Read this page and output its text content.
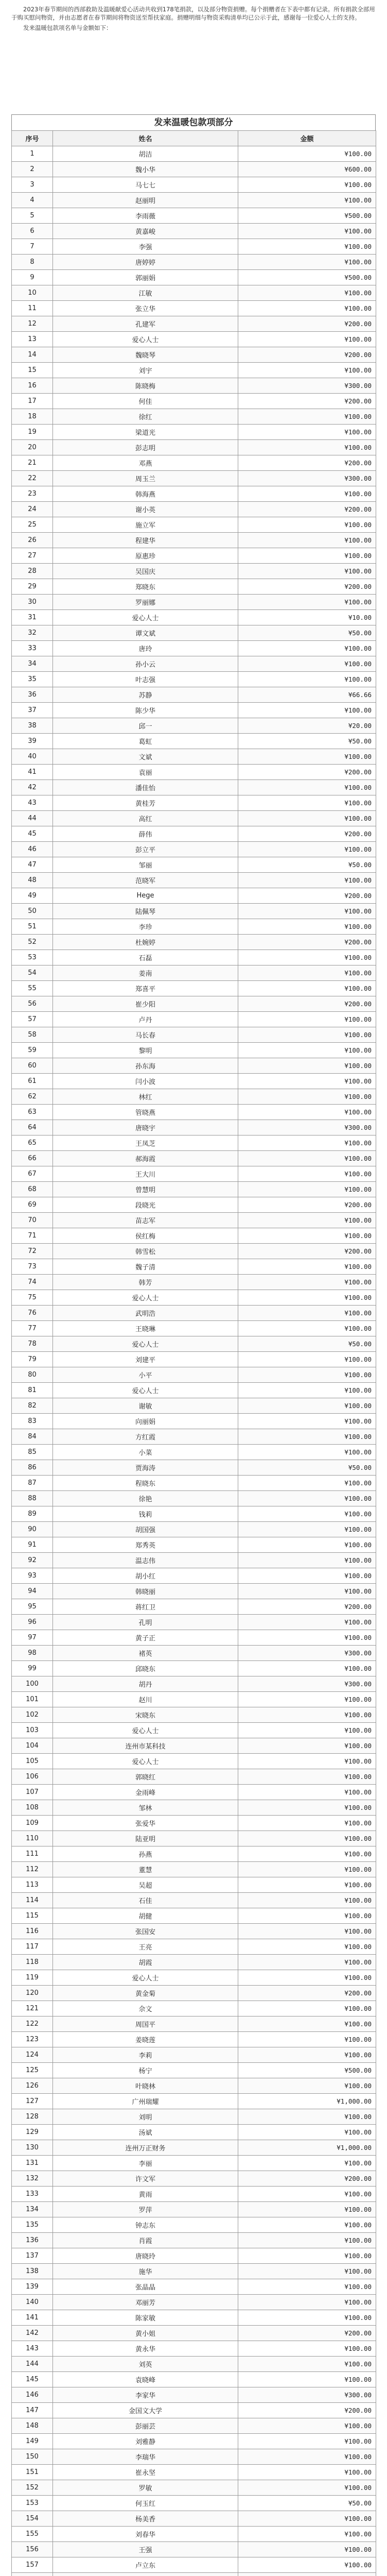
2023年春节期间的西部救助及温暖献爱心活动共收到178笔捐款，以及部分物资捐赠。每个捐赠者在下表中都有记录。所有捐款全部用于购买慰问物资，并由志愿者在春节期间将物资送至帮扶家庭。捐赠明细与物资采购清单均已公示于此，感谢每一位爱心人士的支持。

发来温暖包款项名单与金额如下：

发来温暖包款项部分
序号	姓名	金额
1	胡洁	¥100.00
2	魏小华	¥600.00
3	马七七	¥100.00
4	赵丽明	¥100.00
5	李雨薇	¥500.00
6	黄嘉峻	¥100.00
7	李强	¥100.00
8	唐婷婷	¥100.00
9	郭丽娟	¥500.00
10	江敏	¥100.00
11	张立华	¥100.00
12	孔建军	¥200.00
13	爱心人士	¥100.00
14	魏晓琴	¥200.00
15	刘宇	¥100.00
16	陈晓梅	¥300.00
17	何佳	¥200.00
18	徐红	¥100.00
19	梁道光	¥100.00
20	彭志明	¥100.00
21	邓燕	¥200.00
22	周玉兰	¥300.00
23	韩海燕	¥100.00
24	谢小英	¥200.00
25	施立军	¥100.00
26	程建华	¥100.00
27	原惠珍	¥100.00
28	吴国庆	¥100.00
29	郑晓东	¥200.00
30	罗丽娜	¥100.00
31	爱心人士	¥10.00
32	谭文斌	¥50.00
33	唐玲	¥100.00
34	孙小云	¥100.00
35	叶志强	¥100.00
36	苏静	¥66.66
37	陈少华	¥100.00
38	邱一	¥20.00
39	葛虹	¥50.00
40	文斌	¥100.00
41	袁丽	¥200.00
42	潘佳怡	¥100.00
43	黄桂芳	¥100.00
44	高红	¥100.00
45	薛伟	¥200.00
46	彭立平	¥100.00
47	邹丽	¥50.00
48	范晓军	¥100.00
49	Hege	¥200.00
50	陆佩琴	¥100.00
51	李珍	¥100.00
52	杜婉婷	¥200.00
53	石磊	¥100.00
54	姜南	¥100.00
55	郑喜平	¥100.00
56	崔少阳	¥200.00
57	卢丹	¥100.00
58	马长春	¥100.00
59	黎明	¥100.00
60	孙东海	¥100.00
61	闫小波	¥100.00
62	林红	¥100.00
63	管晓燕	¥100.00
64	唐晓宇	¥300.00
65	王凤芝	¥100.00
66	郝海霞	¥100.00
67	王大川	¥100.00
68	曾慧明	¥100.00
69	段晓光	¥200.00
70	苗志军	¥100.00
71	侯红梅	¥100.00
72	韩雪松	¥200.00
73	魏子清	¥100.00
74	韩芳	¥100.00
75	爱心人士	¥100.00
76	武明浩	¥100.00
77	王晓琳	¥100.00
78	爱心人士	¥50.00
79	刘建平	¥100.00
80	小平	¥100.00
81	爱心人士	¥100.00
82	谢敏	¥100.00
83	向丽娟	¥100.00
84	方红霞	¥100.00
85	小菜	¥100.00
86	贾海涛	¥50.00
87	程晓东	¥100.00
88	徐艳	¥100.00
89	钱莉	¥100.00
90	胡国强	¥100.00
91	郑秀英	¥100.00
92	温志伟	¥100.00
93	胡小红	¥100.00
94	韩晓丽	¥100.00
95	蒋红卫	¥200.00
96	孔明	¥100.00
97	黄子正	¥100.00
98	褚英	¥300.00
99	邱晓东	¥100.00
100	胡丹	¥300.00
101	赵川	¥100.00
102	宋晓东	¥100.00
103	爱心人士	¥100.00
104	连州市某科技	¥100.00
105	爱心人士	¥100.00
106	郭晓红	¥100.00
107	金雨峰	¥100.00
108	邹林	¥100.00
109	张爱华	¥100.00
110	陆亚明	¥100.00
111	孙燕	¥100.00
112	董慧	¥100.00
113	吴超	¥100.00
114	石佳	¥100.00
115	胡健	¥100.00
116	张国安	¥100.00
117	王亮	¥100.00
118	胡霞	¥100.00
119	爱心人士	¥100.00
120	黄金菊	¥200.00
121	佘文	¥100.00
122	周国平	¥100.00
123	姜晓莲	¥100.00
124	李莉	¥100.00
125	杨宁	¥500.00
126	叶晓林	¥100.00
127	广州瑞耀	¥1,000.00
128	刘明	¥100.00
129	汤斌	¥100.00
130	连州万正财务	¥1,000.00
131	李丽	¥100.00
132	许文军	¥200.00
133	黄雨	¥100.00
134	罗萍	¥100.00
135	钟志东	¥100.00
136	肖霞	¥100.00
137	唐晓玲	¥100.00
138	施华	¥100.00
139	张晶晶	¥100.00
140	邓丽芳	¥100.00
141	陈家敏	¥100.00
142	黄小姐	¥200.00
143	黄永华	¥100.00
144	刘英	¥100.00
145	袁晓峰	¥100.00
146	李家华	¥300.00
147	金国文大学	¥200.00
148	彭丽芸	¥100.00
149	刘雅静	¥100.00
150	李瑞华	¥100.00
151	崔永坚	¥100.00
152	罗敏	¥100.00
153	何玉红	¥50.00
154	杨美香	¥100.00
155	刘春华	¥100.00
156	王强	¥100.00
157	卢立东	¥100.00
